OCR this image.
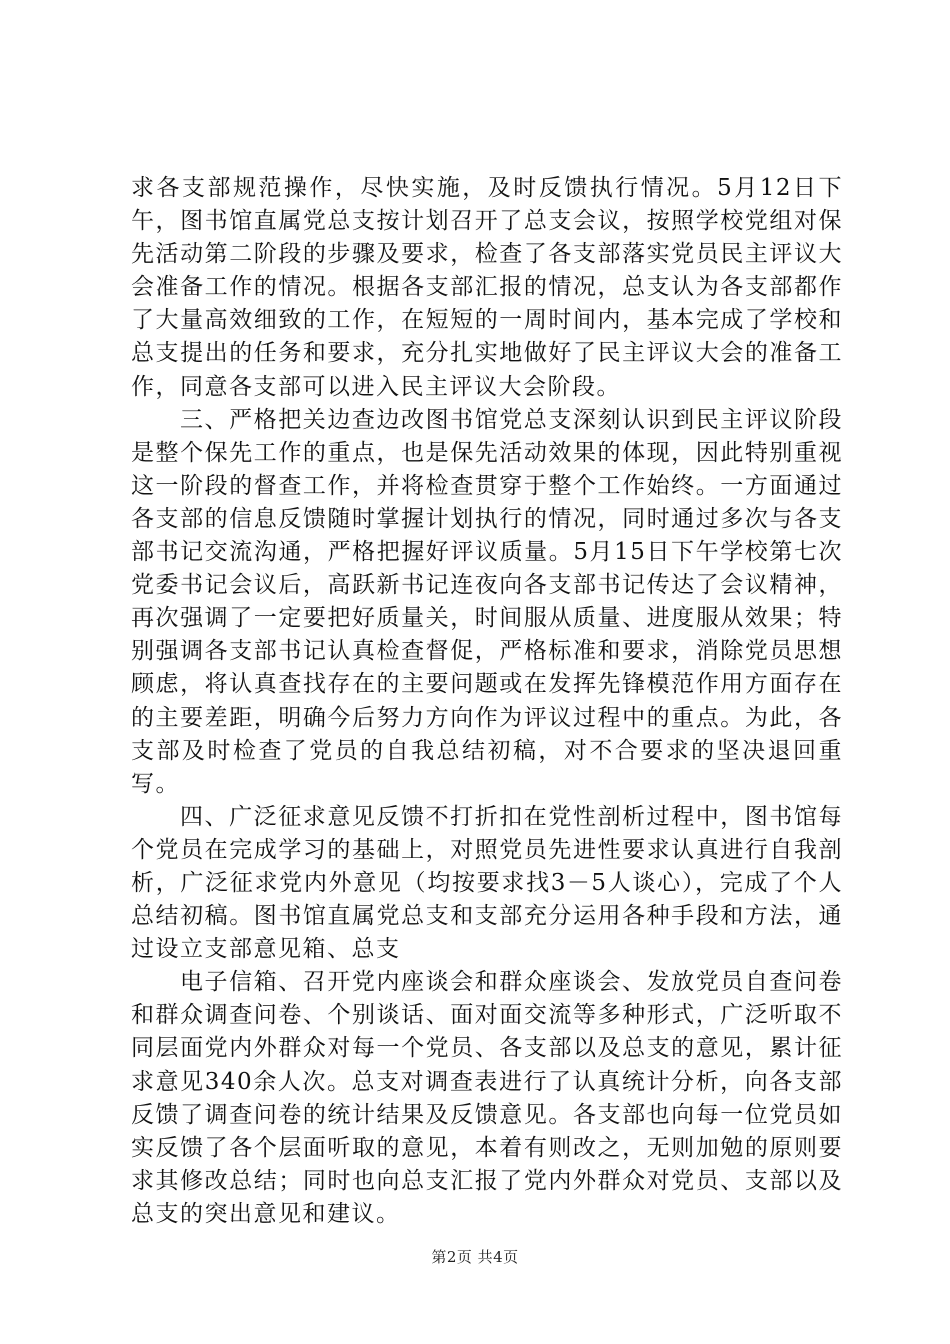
求各支部规范操作，尽快实施，及时反馈执行情况。5月12日下午，图书馆直属党总支按计划召开了总支会议，按照学校党组对保先活动第二阶段的步骤及要求，检查了各支部落实党员民主评议大会准备工作的情况。根据各支部汇报的情况，总支认为各支部都作了大量高效细致的工作，在短短的一周时间内，基本完成了学校和总支提出的任务和要求，充分扎实地做好了民主评议大会的准备工作，同意各支部可以进入民主评议大会阶段。

三、严格把关边查边改图书馆党总支深刻认识到民主评议阶段是整个保先工作的重点，也是保先活动效果的体现，因此特别重视这一阶段的督查工作，并将检查贯穿于整个工作始终。一方面通过各支部的信息反馈随时掌握计划执行的情况，同时通过多次与各支部书记交流沟通，严格把握好评议质量。5月15日下午学校第七次党委书记会议后，高跃新书记连夜向各支部书记传达了会议精神，再次强调了一定要把好质量关，时间服从质量、进度服从效果；特别强调各支部书记认真检查督促，严格标准和要求，消除党员思想顾虑，将认真查找存在的主要问题或在发挥先锋模范作用方面存在的主要差距，明确今后努力方向作为评议过程中的重点。为此，各支部及时检查了党员的自我总结初稿，对不合要求的坚决退回重写。

四、广泛征求意见反馈不打折扣在党性剖析过程中，图书馆每个党员在完成学习的基础上，对照党员先进性要求认真进行自我剖析，广泛征求党内外意见（均按要求找3－5人谈心），完成了个人总结初稿。图书馆直属党总支和支部充分运用各种手段和方法，通过设立支部意见箱、总支

电子信箱、召开党内座谈会和群众座谈会、发放党员自查问卷和群众调查问卷、个别谈话、面对面交流等多种形式，广泛听取不同层面党内外群众对每一个党员、各支部以及总支的意见，累计征求意见340余人次。总支对调查表进行了认真统计分析，向各支部反馈了调查问卷的统计结果及反馈意见。各支部也向每一位党员如实反馈了各个层面听取的意见，本着有则改之，无则加勉的原则要求其修改总结；同时也向总支汇报了党内外群众对党员、支部以及总支的突出意见和建议。

第2页 共4页
